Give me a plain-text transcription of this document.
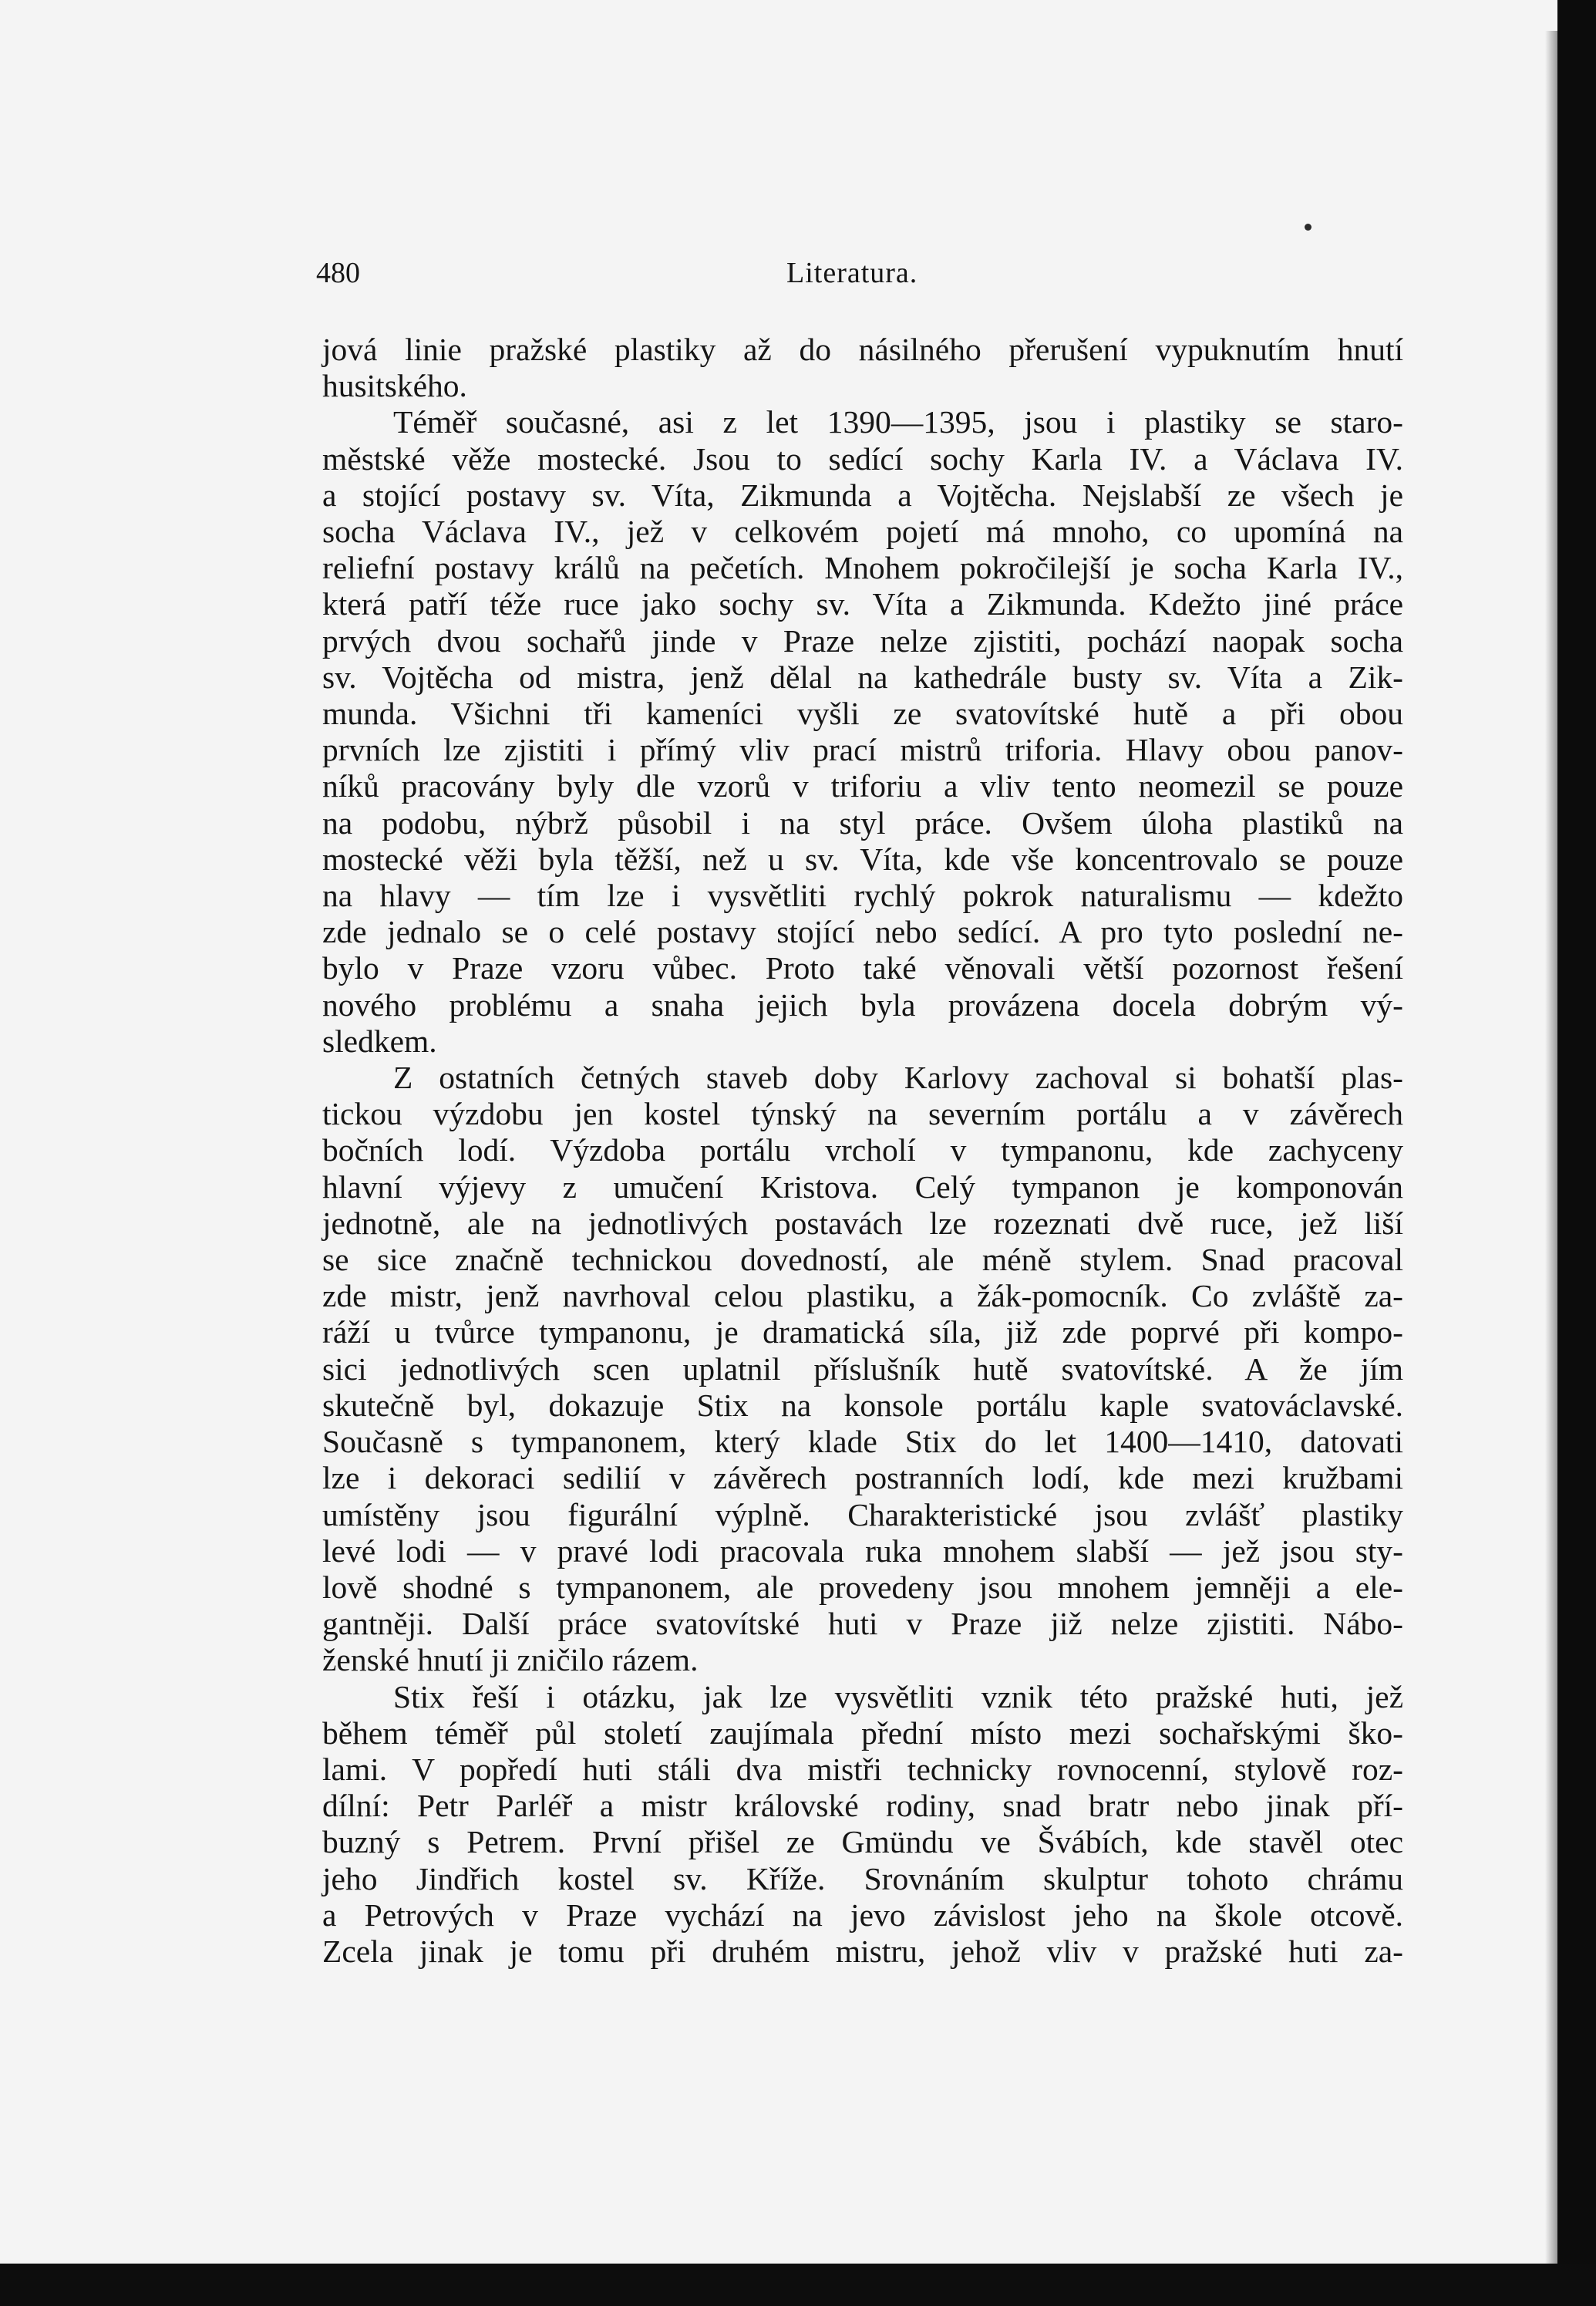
480	Literatura.
jová linie pražské plastiky až do násilného přerušení vypuknutím hnutí
husitského.
Téměř současné, asi z let 1390—1395, jsou i plastiky se staro-
městské věže mostecké. Jsou to sedící sochy Karla IV. a Václava IV.
a stojící postavy sv. Víta, Zikmunda a Vojtěcha. Nejslabší ze všech je
socha Václava IV., jež v celkovém pojetí má mnoho, co upomíná na
reliefní postavy králů na pečetích. Mnohem pokročilejší je socha Karla IV.,
která patří téže ruce jako sochy sv. Víta a Zikmunda. Kdežto jiné práce
prvých dvou sochařů jinde v Praze nelze zjistiti, pochází naopak socha
sv. Vojtěcha od mistra, jenž dělal na kathedrále busty sv. Víta a Zik-
munda. Všichni tři kameníci vyšli ze svatovítské hutě a při obou
prvních lze zjistiti i přímý vliv prací mistrů triforia. Hlavy obou panov-
níků pracovány byly dle vzorů v triforiu a vliv tento neomezil se pouze
na podobu, nýbrž působil i na styl práce. Ovšem úloha plastiků na
mostecké věži byla těžší, než u sv. Víta, kde vše koncentrovalo se pouze
na hlavy — tím lze i vysvětliti rychlý pokrok naturalismu — kdežto
zde jednalo se o celé postavy stojící nebo sedící. A pro tyto poslední ne-
bylo v Praze vzoru vůbec. Proto také věnovali větší pozornost řešení
nového problému a snaha jejich byla provázena docela dobrým vý-
sledkem.
Z ostatních četných staveb doby Karlovy zachoval si bohatší plas-
tickou výzdobu jen kostel týnský na severním portálu a v závěrech
bočních lodí. Výzdoba portálu vrcholí v tympanonu, kde zachyceny
hlavní výjevy z umučení Kristova. Celý tympanon je komponován
jednotně, ale na jednotlivých postavách lze rozeznati dvě ruce, jež liší
se sice značně technickou dovedností, ale méně stylem. Snad pracoval
zde mistr, jenž navrhoval celou plastiku, a žák-pomocník. Co zvláště za-
ráží u tvůrce tympanonu, je dramatická síla, již zde poprvé při kompo-
sici jednotlivých scen uplatnil příslušník hutě svatovítské. A že jím
skutečně byl, dokazuje Stix na konsole portálu kaple svatováclavské.
Současně s tympanonem, který klade Stix do let 1400—1410, datovati
lze i dekoraci sedilií v závěrech postranních lodí, kde mezi kružbami
umístěny jsou figurální výplně. Charakteristické jsou zvlášť plastiky
levé lodi — v pravé lodi pracovala ruka mnohem slabší — jež jsou sty-
lově shodné s tympanonem, ale provedeny jsou mnohem jemněji a ele-
gantněji. Další práce svatovítské huti v Praze již nelze zjistiti. Nábo-
ženské hnutí ji zničilo rázem.
Stix řeší i otázku, jak lze vysvětliti vznik této pražské huti, jež
během téměř půl století zaujímala přední místo mezi sochařskými ško-
lami. V popředí huti stáli dva mistři technicky rovnocenní, stylově roz-
dílní: Petr Parléř a mistr královské rodiny, snad bratr nebo jinak pří-
buzný s Petrem. První přišel ze Gmündu ve Švábích, kde stavěl otec
jeho Jindřich kostel sv. Kříže. Srovnáním skulptur tohoto chrámu
a Petrových v Praze vychází na jevo závislost jeho na škole otcově.
Zcela jinak je tomu při druhém mistru, jehož vliv v pražské huti za-
